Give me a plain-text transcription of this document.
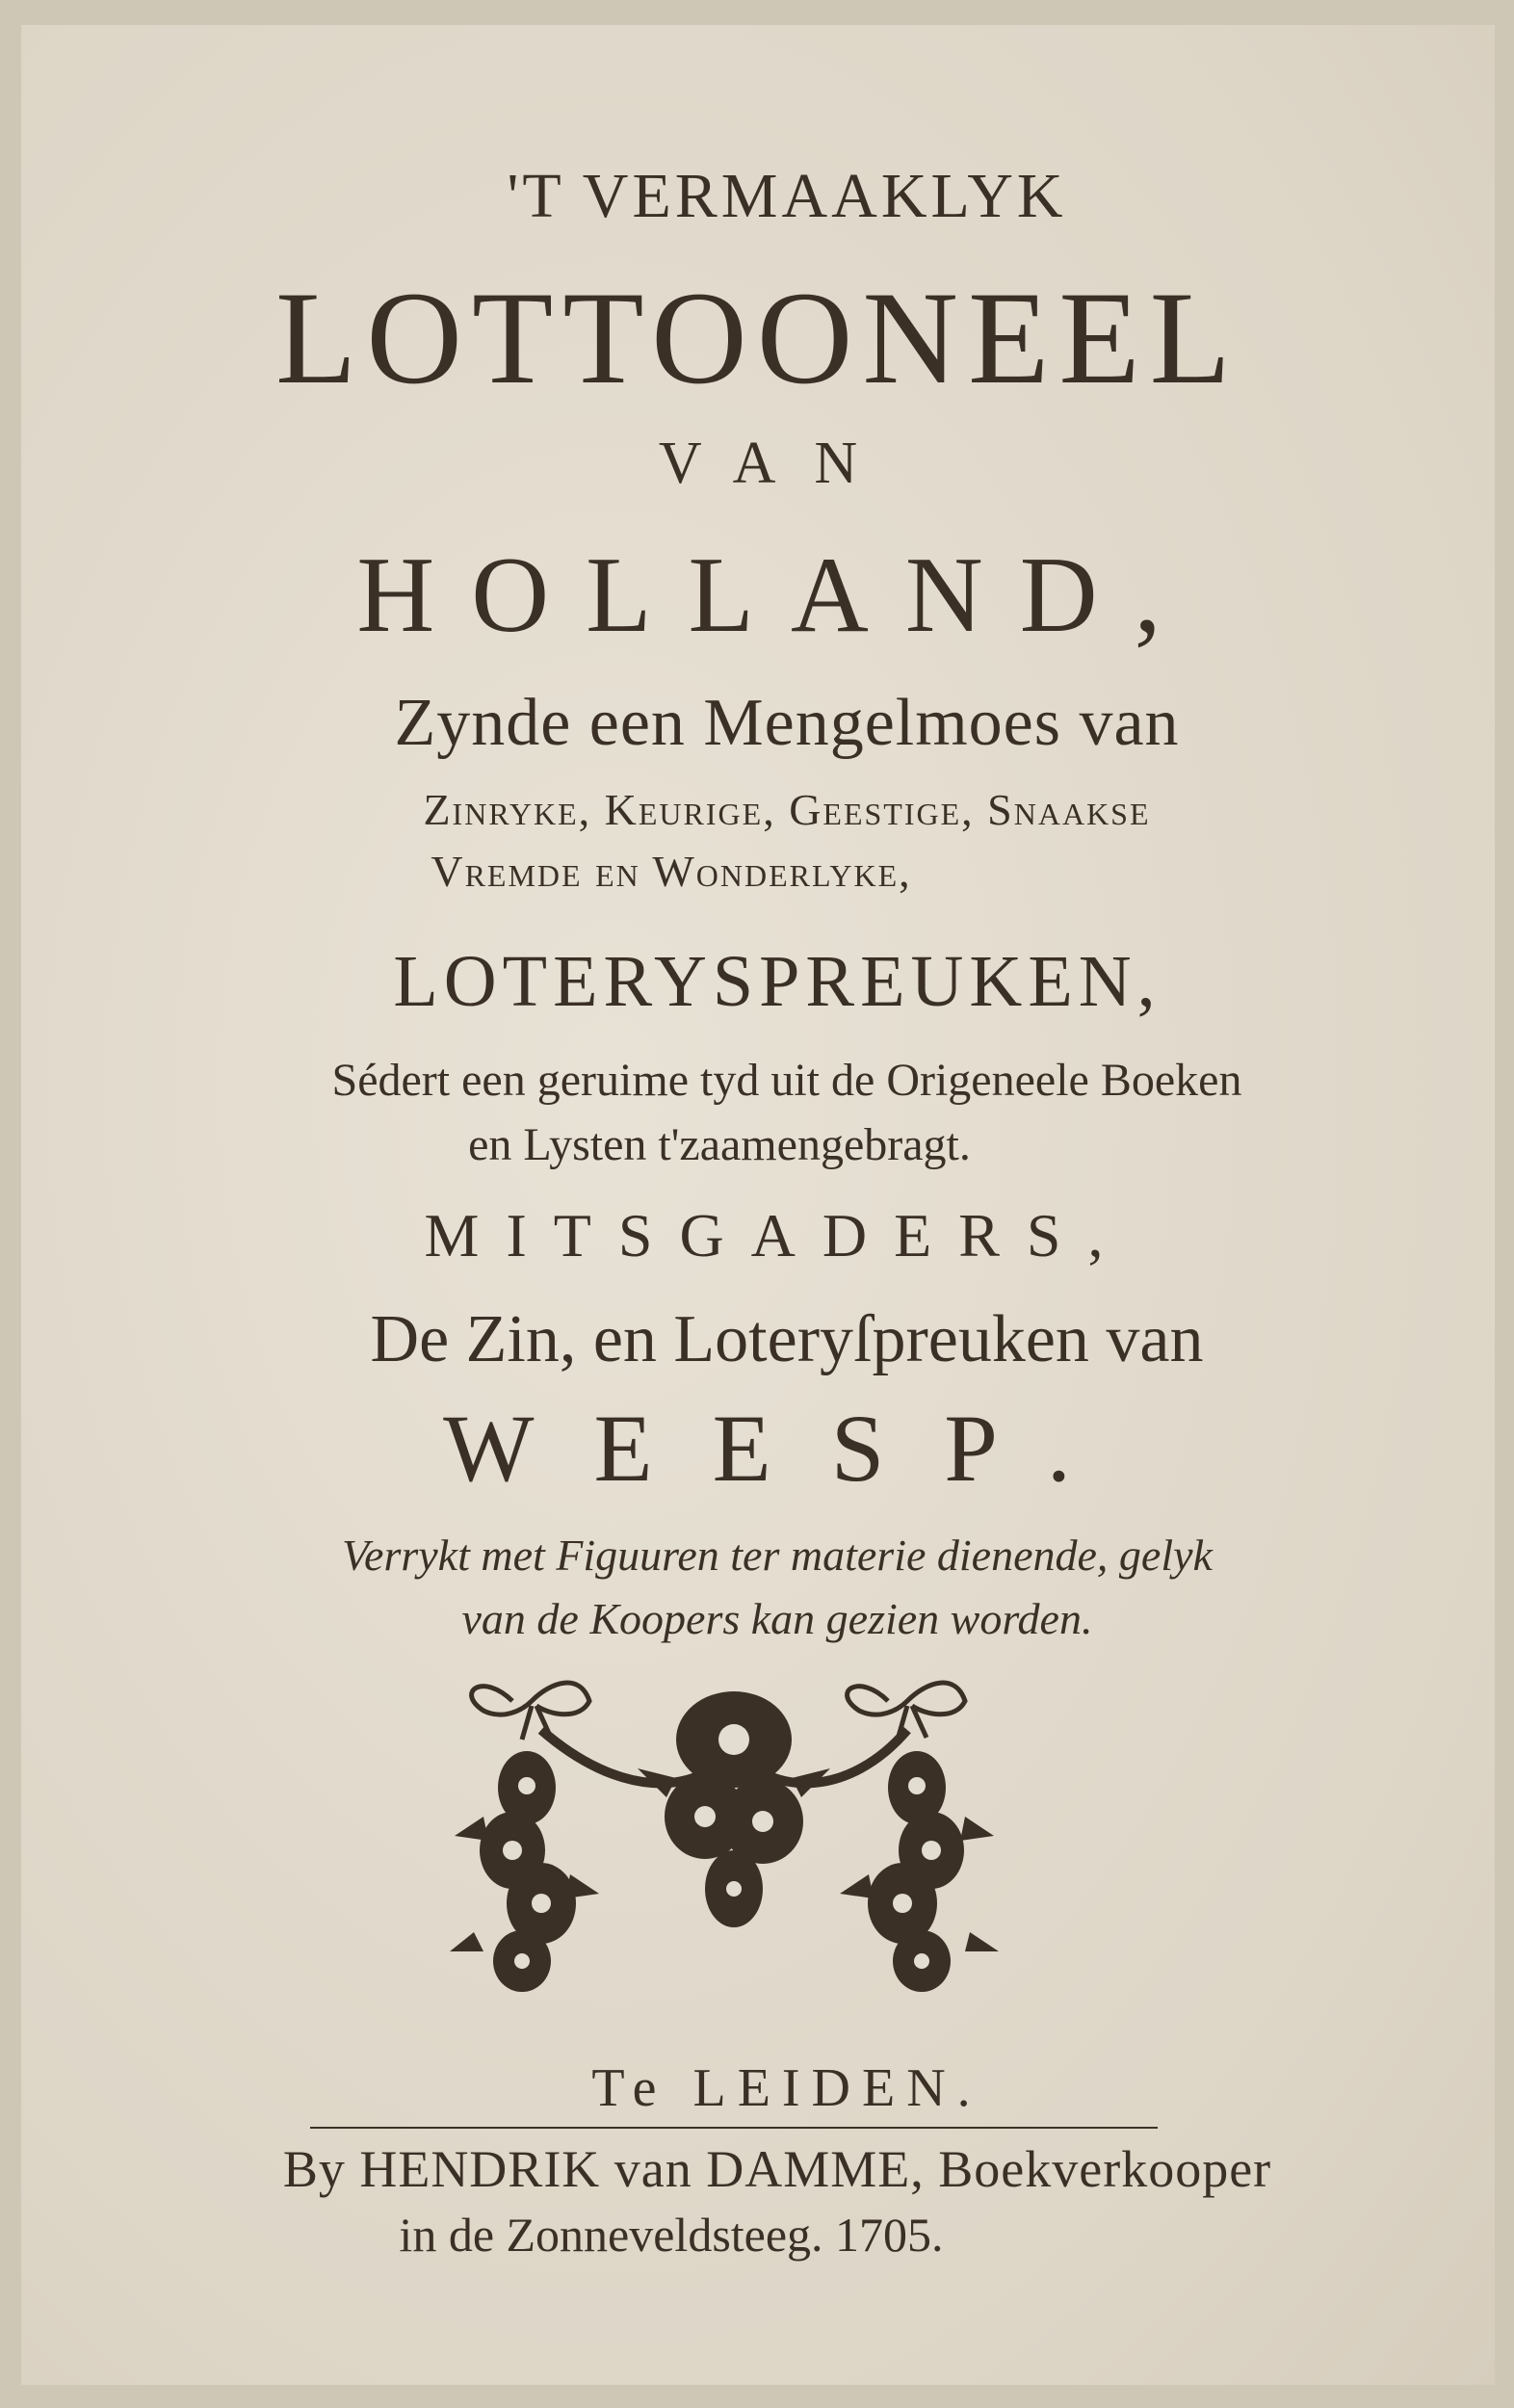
'T VERMAAKLYK
LOTTOONEEL
VAN
HOLLAND,
Zynde een Mengelmoes van
Zinryke, Keurige, Geestige, Snaakse
Vremde en Wonderlyke,
LOTERYSPREUKEN,
Sédert een geruime tyd uit de Origeneele Boeken
en Lysten t'zaamengebragt.
MITSGADERS,
De Zin, en Loteryſpreuken van
WEESP.
Verrykt met Figuuren ter materie dienende, gelyk
van de Koopers kan gezien worden.
Te LEIDEN.
By HENDRIK van DAMME, Boekverkooper
in de Zonneveldsteeg. 1705.
